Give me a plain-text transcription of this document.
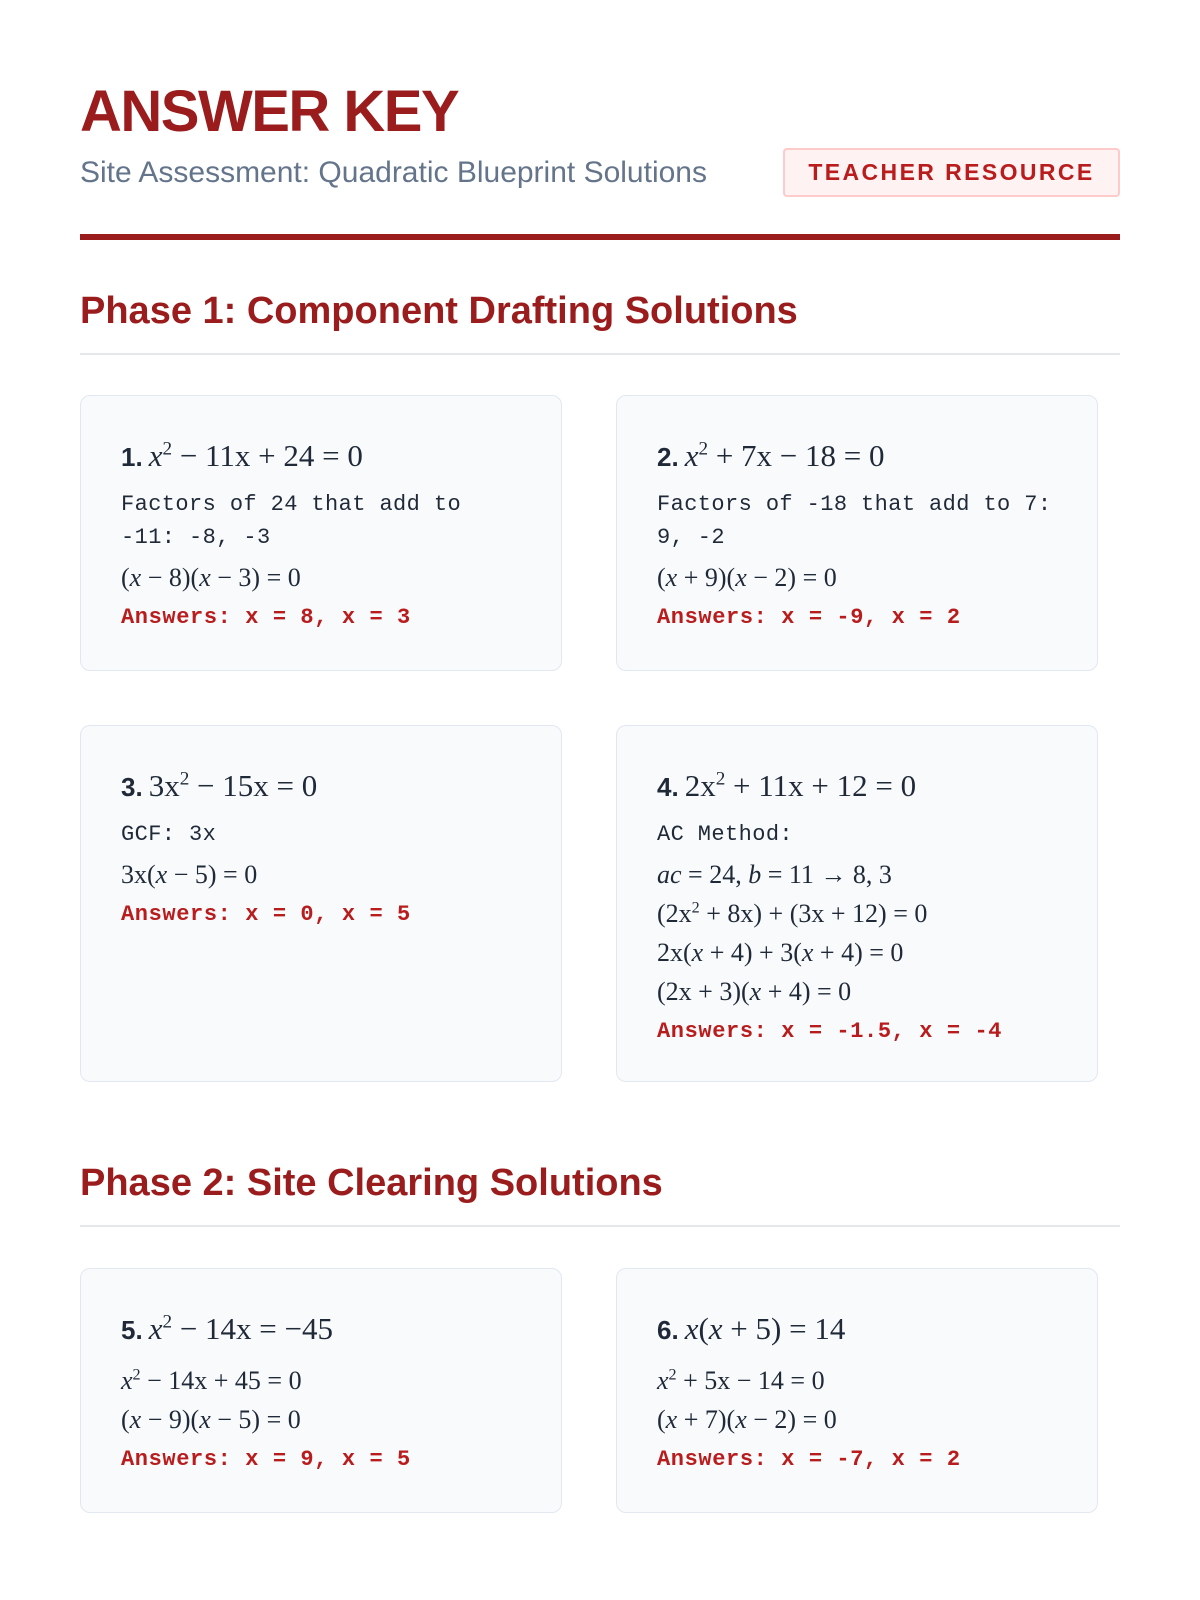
ANSWER KEY
Site Assessment: Quadratic Blueprint Solutions	TEACHER RESOURCE
Phase 1: Component Drafting Solutions
1. $x^2 - 11x + 24 = 0$
Factors of 24 that add to -11: -8, -3
(x − 8)(x − 3) = 0
Answers: x = 8, x = 3
2. $x^2 + 7x - 18 = 0$
Factors of -18 that add to 7: 9, -2
(x + 9)(x − 2) = 0
Answers: x = -9, x = 2
3. $3x^2 - 15x = 0$
GCF: 3x
3x(x − 5) = 0
Answers: x = 0, x = 5
4. $2x^2 + 11x + 12 = 0$
AC Method:
ac = 24, b = 11 → 8, 3
$(2x^2 + 8x) + (3x + 12) = 0$
2x(x + 4) + 3(x + 4) = 0
(2x + 3)(x + 4) = 0
Answers: x = -1.5, x = -4
Phase 2: Site Clearing Solutions
5. $x^2 - 14x = -45$
$x^2 - 14x + 45 = 0$
(x − 9)(x − 5) = 0
Answers: x = 9, x = 5
6. x(x + 5) = 14
$x^2 + 5x - 14 = 0$
(x + 7)(x − 2) = 0
Answers: x = -7, x = 2
